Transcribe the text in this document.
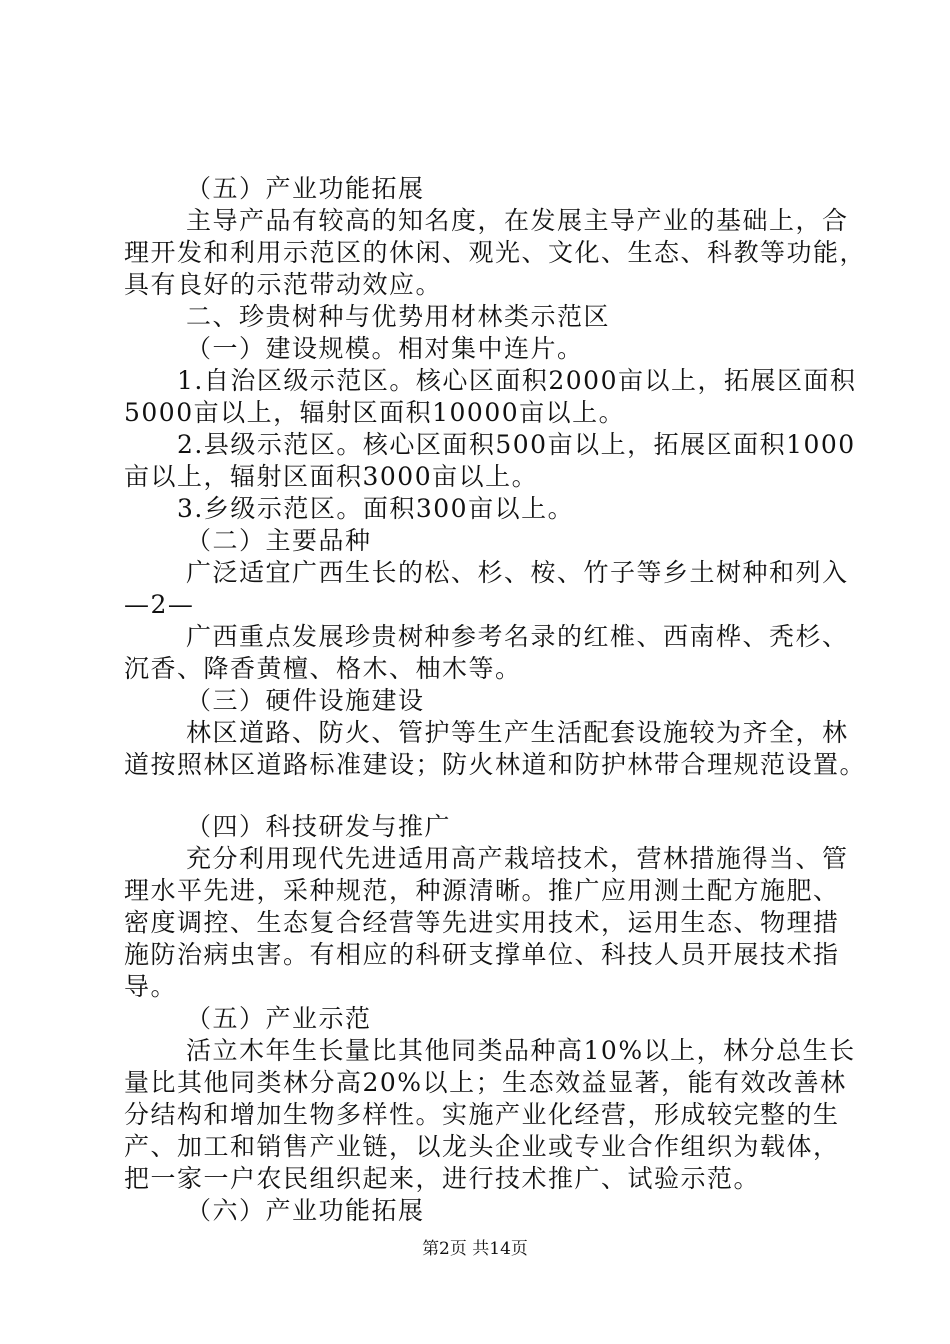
（五）产业功能拓展
主导产品有较高的知名度，在发展主导产业的基础上，合
理开发和利用示范区的休闲、观光、文化、生态、科教等功能，
具有良好的示范带动效应。
二、珍贵树种与优势用材林类示范区
（一）建设规模。相对集中连片。
1.自治区级示范区。核心区面积2000亩以上，拓展区面积
5000亩以上，辐射区面积10000亩以上。
2.县级示范区。核心区面积500亩以上，拓展区面积1000
亩以上，辐射区面积3000亩以上。
3.乡级示范区。面积300亩以上。
（二）主要品种
广泛适宜广西生长的松、杉、桉、竹子等乡土树种和列入
—2—
广西重点发展珍贵树种参考名录的红椎、西南桦、秃杉、
沉香、降香黄檀、格木、柚木等。
（三）硬件设施建设
林区道路、防火、管护等生产生活配套设施较为齐全，林
道按照林区道路标准建设；防火林道和防护林带合理规范设置。
（四）科技研发与推广
充分利用现代先进适用高产栽培技术，营林措施得当、管
理水平先进，采种规范，种源清晰。推广应用测土配方施肥、
密度调控、生态复合经营等先进实用技术，运用生态、物理措
施防治病虫害。有相应的科研支撑单位、科技人员开展技术指
导。
（五）产业示范
活立木年生长量比其他同类品种高10%以上，林分总生长
量比其他同类林分高20%以上；生态效益显著，能有效改善林
分结构和增加生物多样性。实施产业化经营，形成较完整的生
产、加工和销售产业链，以龙头企业或专业合作组织为载体，
把一家一户农民组织起来，进行技术推广、试验示范。
（六）产业功能拓展
第2页 共14页
